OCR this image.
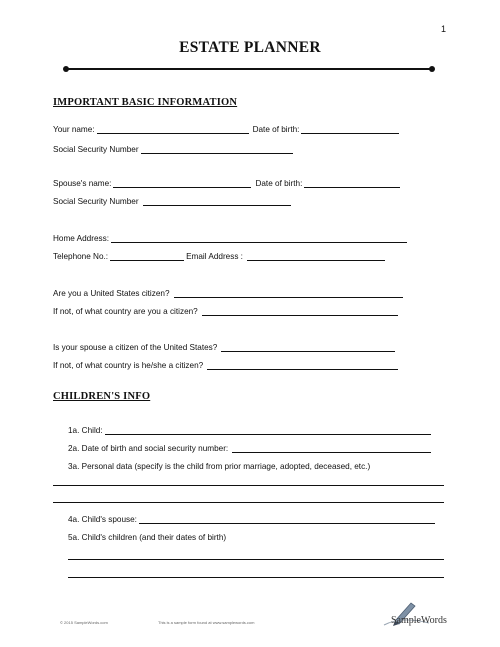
1
ESTATE PLANNER
IMPORTANT BASIC INFORMATION
Your name:	Date of birth:
Social Security Number
Spouse's name:	Date of birth:
Social Security Number
Home Address:
Telephone No.:	Email Address :
Are you a United States citizen?
If not, of what country are you a citizen?
Is your spouse a citizen of the United States?
If not, of what country is he/she a citizen?
CHILDREN'S INFO
1a. Child:
2a. Date of birth and social security number:
3a. Personal data (specify is the child from prior marriage, adopted, deceased, etc.)
4a. Child's spouse:
5a. Child's children (and their dates of birth)
© 2015 SampleWords.com	This is a sample form found at www.samplewords.com	SampleWords
